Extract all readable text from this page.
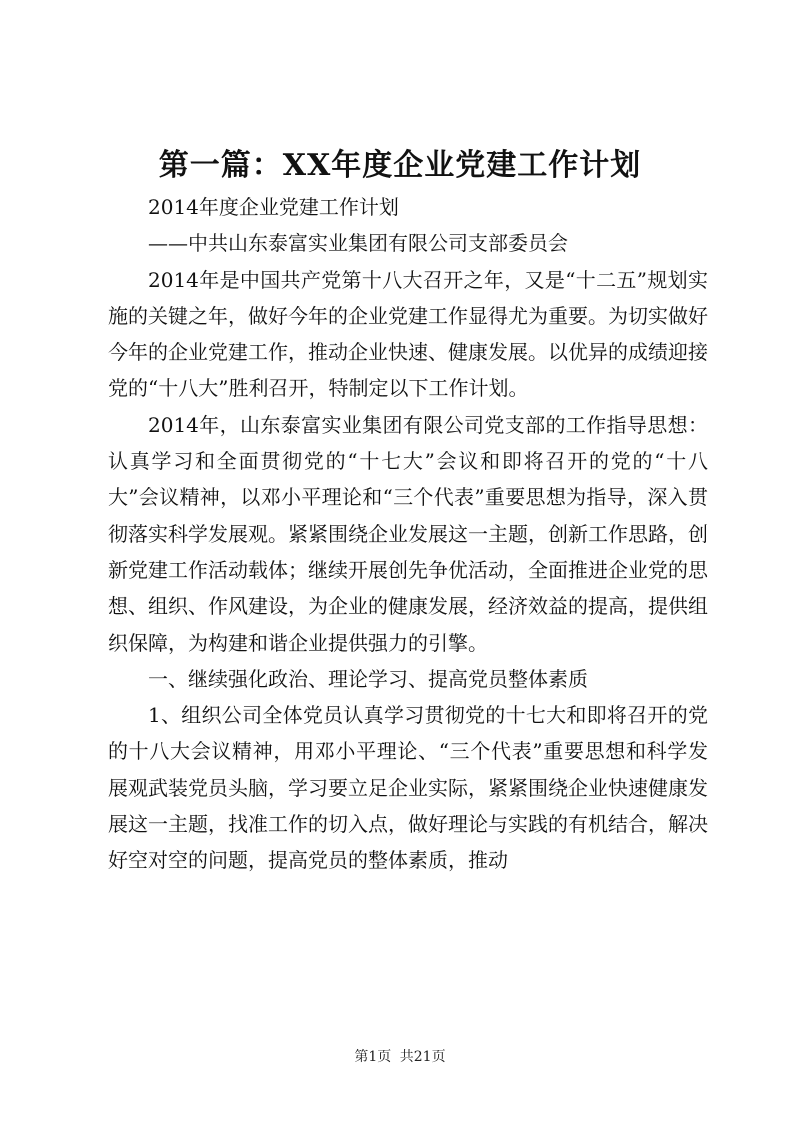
第一篇：XX年度企业党建工作计划

2014年度企业党建工作计划

——中共山东泰富实业集团有限公司支部委员会

2014年是中国共产党第十八大召开之年，又是“十二五”规划实施的关键之年，做好今年的企业党建工作显得尤为重要。为切实做好今年的企业党建工作，推动企业快速、健康发展。以优异的成绩迎接党的“十八大”胜利召开，特制定以下工作计划。

2014年，山东泰富实业集团有限公司党支部的工作指导思想：认真学习和全面贯彻党的“十七大”会议和即将召开的党的“十八大”会议精神，以邓小平理论和“三个代表”重要思想为指导，深入贯彻落实科学发展观。紧紧围绕企业发展这一主题，创新工作思路，创新党建工作活动载体；继续开展创先争优活动，全面推进企业党的思想、组织、作风建设，为企业的健康发展，经济效益的提高，提供组织保障，为构建和谐企业提供强力的引擎。

一、继续强化政治、理论学习、提高党员整体素质

1、组织公司全体党员认真学习贯彻党的十七大和即将召开的党的十八大会议精神，用邓小平理论、“三个代表”重要思想和科学发展观武装党员头脑，学习要立足企业实际，紧紧围绕企业快速健康发展这一主题，找准工作的切入点，做好理论与实践的有机结合，解决好空对空的问题，提高党员的整体素质，推动

第1页 共21页
